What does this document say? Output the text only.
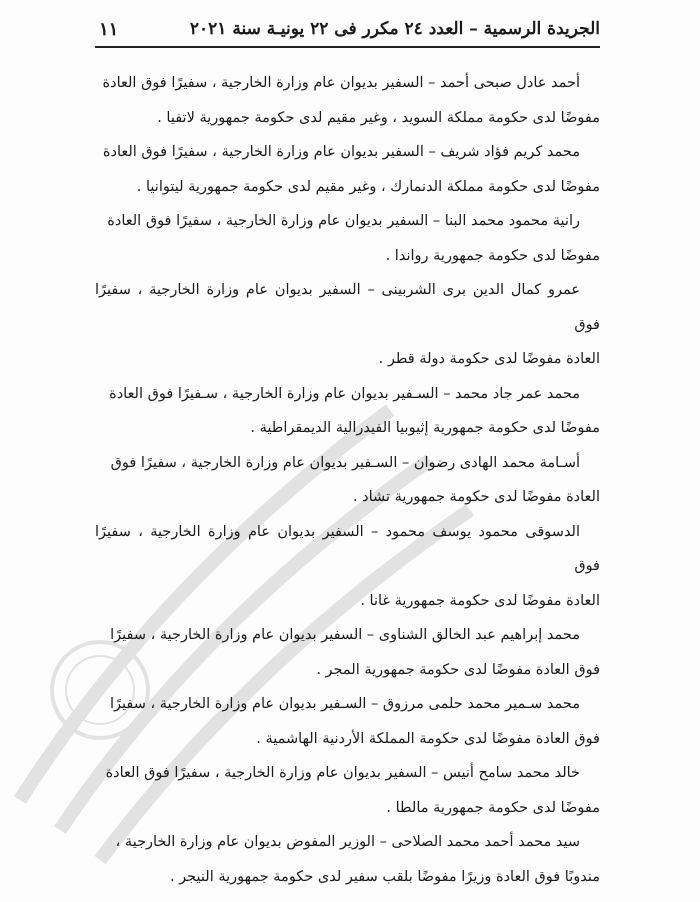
الجريدة الرسمية – العدد ٢٤ مكرر فى ٢٢ يونيـة سنة ٢٠٢١
١١

أحمد عادل صبحى أحمد – السفير بديوان عام وزارة الخارجية ، سفيرًا فوق العادة
مفوضًا لدى حكومة مملكة السويد ، وغير مقيم لدى حكومة جمهورية لاتفيا .

محمد كريم فؤاد شريف – السفير بديوان عام وزارة الخارجية ، سفيرًا فوق العادة
مفوضًا لدى حكومة مملكة الدنمارك ، وغير مقيم لدى حكومة جمهورية ليتوانيا .

رانية محمود محمد البنا – السفير بديوان عام وزارة الخارجية ، سفيرًا فوق العادة
مفوضًا لدى حكومة جمهورية رواندا .

عمرو كمال الدين برى الشربينى – السفير بديوان عام وزارة الخارجية ، سفيرًا فوق
العادة مفوضًا لدى حكومة دولة قطر .

محمد عمر جاد محمد – السـفير بديوان عام وزارة الخارجية ، سـفيرًا فوق العادة
مفوضًا لدى حكومة جمهورية إثيوبيا الفيدرالية الديمقراطية .

أسـامة محمد الهادى رضوان – السـفير بديوان عام وزارة الخارجية ، سفيرًا فوق
العادة مفوضًا لدى حكومة جمهورية تشاد .

الدسوقى محمود يوسف محمود – السفير بديوان عام وزارة الخارجية ، سفيرًا فوق
العادة مفوضًا لدى حكومة جمهورية غانا .

محمد إبراهيم عبد الخالق الشناوى – السفير بديوان عام وزارة الخارجية ، سفيرًا
فوق العادة مفوضًا لدى حكومة جمهورية المجر .

محمد سـمير محمد حلمى مرزوق – السـفير بديوان عام وزارة الخارجية ، سفيرًا
فوق العادة مفوضًا لدى حكومة المملكة الأردنية الهاشمية .

خالد محمد سامح أنيس – السفير بديوان عام وزارة الخارجية ، سفيرًا فوق العادة
مفوضًا لدى حكومة جمهورية مالطا .

سيد محمد أحمد محمد الصلاحى – الوزير المفوض بديوان عام وزارة الخارجية ،
مندوبًا فوق العادة وزيرًا مفوضًا بلقب سفير لدى حكومة جمهورية النيجر .
